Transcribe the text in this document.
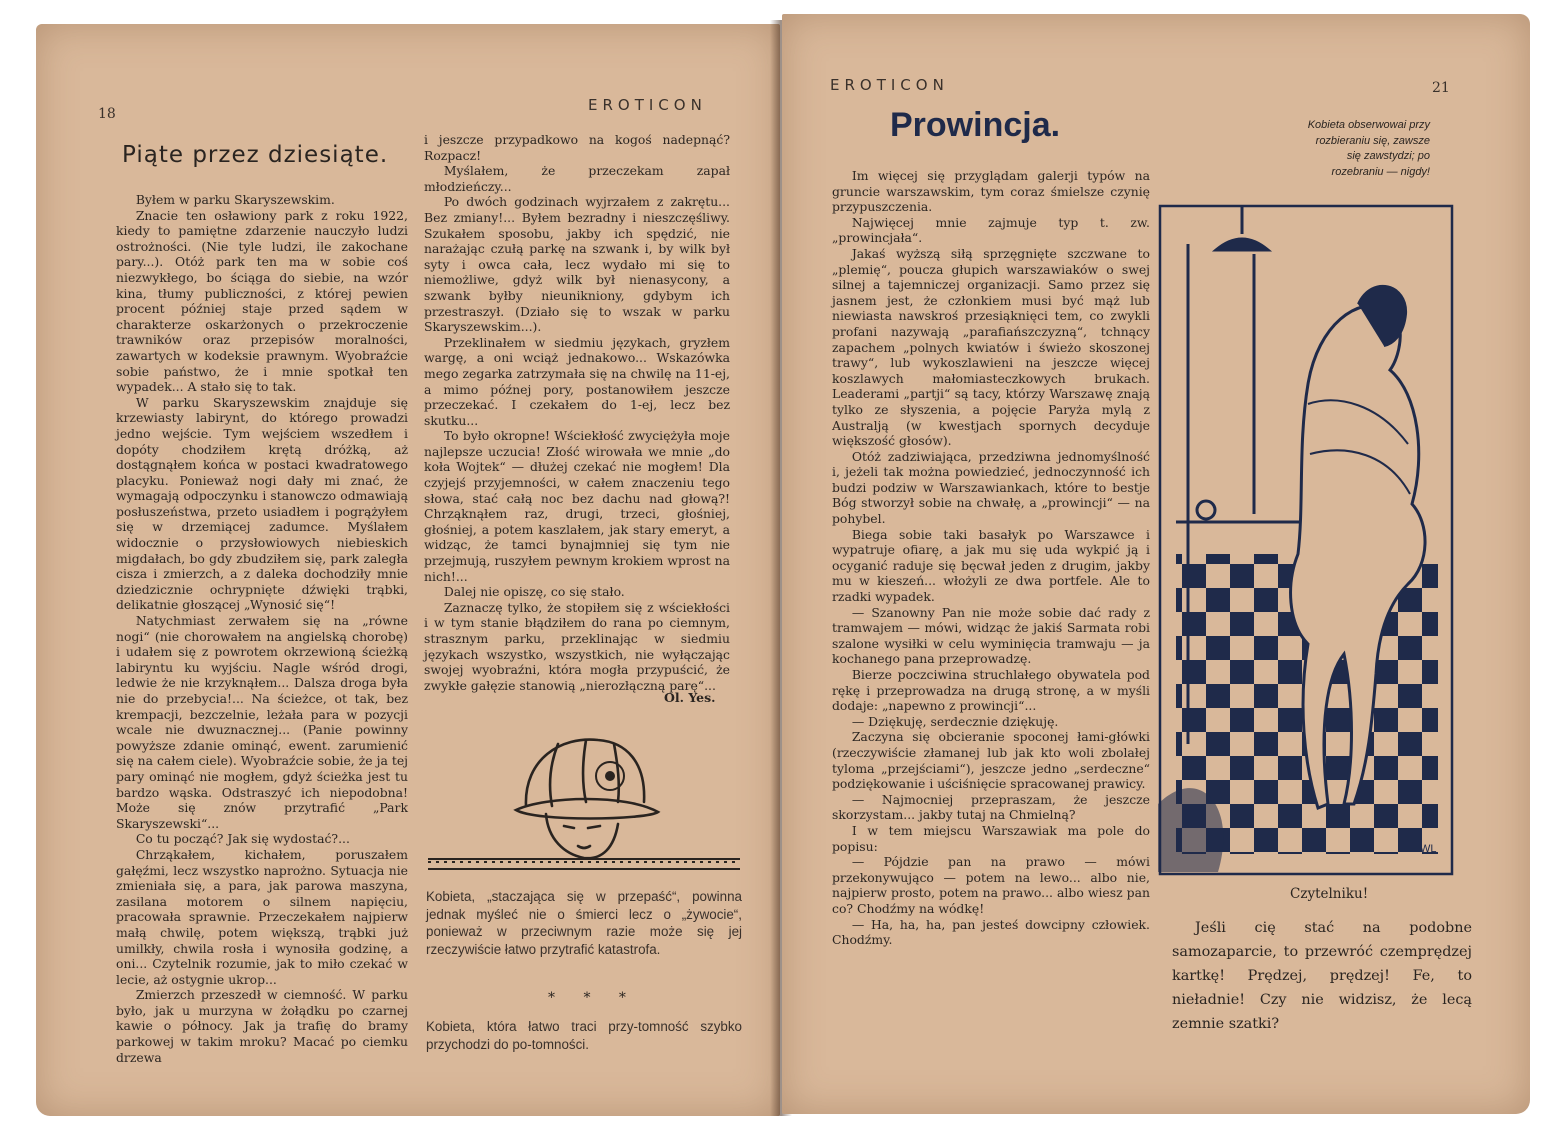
18	EROTICON
Piąte przez dziesiąte.

Byłem w parku Skaryszewskim.

Znacie ten osławiony park z roku 1922, kiedy to pamiętne zdarzenie nauczyło ludzi ostrożności. (Nie tyle ludzi, ile zakochane pary...). Otóż park ten ma w sobie coś niezwykłego, bo ściąga do siebie, na wzór kina, tłumy publiczności, z której pewien procent później staje przed sądem w charakterze oskarżonych o przekroczenie trawników oraz przepisów moralności, zawartych w kodeksie prawnym. Wyobraźcie sobie państwo, że i mnie spotkał ten wypadek... A stało się to tak.

W parku Skaryszewskim znajduje się krzewiasty labirynt, do którego prowadzi jedno wejście. Tym wejściem wszedłem i dopóty chodziłem krętą dróżką, aż dostągnąłem końca w postaci kwadratowego placyku. Ponieważ nogi dały mi znać, że wymagają odpoczynku i stanowczo odmawiają posłuszeństwa, przeto usiadłem i pogrążyłem się w drzemiącej zadumce. Myślałem widocznie o przysłowiowych niebieskich migdałach, bo gdy zbudziłem się, park zaległa cisza i zmierzch, a z daleka dochodziły mnie dziedzicznie ochrypnięte dźwięki trąbki, delikatnie głoszącej „Wynosić się“!

Natychmiast zerwałem się na „równe nogi“ (nie chorowałem na angielską chorobę) i udałem się z powrotem okrzewioną ścieżką labiryntu ku wyjściu. Nagle wśród drogi, ledwie że nie krzyknąłem... Dalsza droga była nie do przebycia!... Na ścieżce, ot tak, bez krempacji, bezczelnie, leżała para w pozycji wcale nie dwuznacznej... (Panie powinny powyższe zdanie ominąć, ewent. zarumienić się na całem ciele). Wyobraźcie sobie, że ja tej pary ominąć nie mogłem, gdyż ścieżka jest tu bardzo wąska. Odstraszyć ich niepodobna! Może się znów przytrafić „Park Skaryszewski“...

Co tu począć? Jak się wydostać?...

Chrząkałem, kichałem, poruszałem gałęźmi, lecz wszystko naprożno. Sytuacja nie zmieniała się, a para, jak parowa maszyna, zasilana motorem o silnem napięciu, pracowała sprawnie. Przeczekałem najpierw małą chwilę, potem większą, trąbki już umilkły, chwila rosła i wynosiła godzinę, a oni... Czytelnik rozumie, jak to miło czekać w lecie, aż ostygnie ukrop...

Zmierzch przeszedł w ciemność. W parku było, jak u murzyna w żołądku po czarnej kawie o północy. Jak ja trafię do bramy parkowej w takim mroku? Macać po ciemku drzewa

i jeszcze przypadkowo na kogoś nadepnąć? Rozpacz!

Myślałem, że przeczekam zapał młodzieńczy...

Po dwóch godzinach wyjrzałem z zakrętu... Bez zmiany!... Byłem bezradny i nieszczęśliwy. Szukałem sposobu, jakby ich spędzić, nie narażając czułą parkę na szwank i, by wilk był syty i owca cała, lecz wydało mi się to niemożliwe, gdyż wilk był nienasycony, a szwank byłby nieunikniony, gdybym ich przestraszył. (Działo się to wszak w parku Skaryszewskim...).

Przeklinałem w siedmiu językach, gryzłem wargę, a oni wciąż jednakowo... Wskazówka mego zegarka zatrzymała się na chwilę na 11-ej, a mimo późnej pory, postanowiłem jeszcze przeczekać. I czekałem do 1-ej, lecz bez skutku...

To było okropne! Wściekłość zwyciężyła moje najlepsze uczucia! Złość wirowała we mnie „do koła Wojtek“ — dłużej czekać nie mogłem! Dla czyjejś przyjemności, w całem znaczeniu tego słowa, stać całą noc bez dachu nad głową?! Chrząknąłem raz, drugi, trzeci, głośniej, głośniej, a potem kaszlałem, jak stary emeryt, a widząc, że tamci bynajmniej się tym nie przejmują, ruszyłem pewnym krokiem wprost na nich!...

Dalej nie opiszę, co się stało.

Zaznaczę tylko, że stopiłem się z wściekłości i w tym stanie błądziłem do rana po ciemnym, strasznym parku, przeklinając w siedmiu językach wszystko, wszystkich, nie wyłączając swojej wyobraźni, która mogła przypuścić, że zwykłe gałęzie stanowią „nierozłączną parę“...

Ol. Yes.
Kobieta, „staczająca się w przepaść“, powinna jednak myśleć nie o śmierci lecz o „żywocie“, ponieważ w przeciwnym razie może się jej rzeczywiście łatwo przytrafić katastrofa.
* * *
Kobieta, która łatwo traci przy-tomność szybko przychodzi do po-tomności.
EROTICON	21
Prowincja.	Kobieta obserwowai przy rozbieraniu się, zawsze się zawstydzi; po rozebraniu — nigdy!

Im więcej się przyglądam galerji typów na gruncie warszawskim, tym coraz śmielsze czynię przypuszczenia.

Najwięcej mnie zajmuje typ t. zw. „prowincjała“.

Jakaś wyższą siłą sprzęgnięte szczwane to „plemię“, poucza głupich warszawiaków o swej silnej a tajemniczej organizacji. Samo przez się jasnem jest, że członkiem musi być mąż lub niewiasta nawskroś przesiąknięci tem, co zwykli profani nazywają „parafiańszczyzną“, tchnący zapachem „polnych kwiatów i świeżo skoszonej trawy“, lub wykoszlawieni na jeszcze więcej koszlawych małomiasteczkowych brukach. Leaderami „partji“ są tacy, którzy Warszawę znają tylko ze słyszenia, a pojęcie Paryża mylą z Australją (w kwestjach spornych decyduje większość głosów).

Otóż zadziwiająca, przedziwna jednomyślność i, jeżeli tak można powiedzieć, jednoczynność ich budzi podziw w Warszawiankach, które to bestje Bóg stworzył sobie na chwałę, a „prowincji“ — na pohybel.

Biega sobie taki basałyk po Warszawce i wypatruje ofiarę, a jak mu się uda wykpić ją i ocyganić raduje się bęcwał jeden z drugim, jakby mu w kieszeń... włożyli ze dwa portfele. Ale to rzadki wypadek.

— Szanowny Pan nie może sobie dać rady z tramwajem — mówi, widząc że jakiś Sarmata robi szalone wysiłki w celu wyminięcia tramwaju — ja kochanego pana przeprowadzę.

Bierze poczciwina struchlałego obywatela pod rękę i przeprowadza na drugą stronę, a w myśli dodaje: „napewno z prowincji“...

— Dziękuję, serdecznie dziękuję.

Zaczyna się obcieranie spoconej łami-główki (rzeczywiście złamanej lub jak kto woli zbolałej tyloma „przejściami“), jeszcze jedno „serdeczne“ podziękowanie i uściśnięcie spracowanej prawicy.

— Najmocniej przepraszam, że jeszcze skorzystam... jakby tutaj na Chmielną?

I w tem miejscu Warszawiak ma pole do popisu:

— Pójdzie pan na prawo — mówi przekonywująco — potem na lewo... albo nie, najpierw prosto, potem na prawo... albo wiesz pan co? Chodźmy na wódkę!

— Ha, ha, ha, pan jesteś dowcipny człowiek. Chodźmy.

WL
Czytelniku!

Jeśli cię stać na podobne samozaparcie, to przewróć czemprędzej kartkę! Prędzej, prędzej! Fe, to nieładnie! Czy nie widzisz, że lecą zemnie szatki?
